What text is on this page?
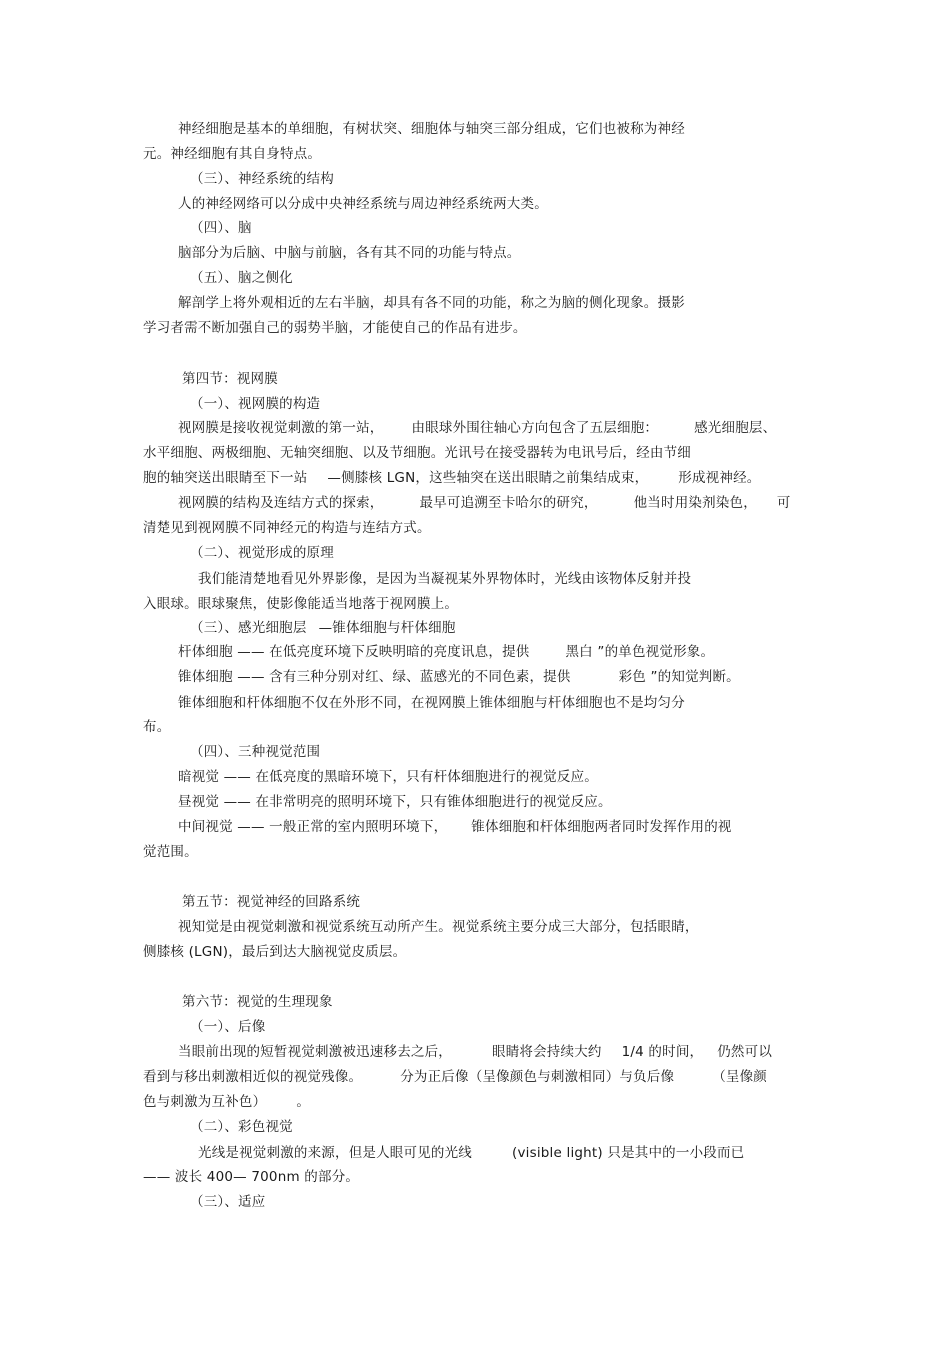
神经细胞是基本的单细胞，有树状突、细胞体与轴突三部分组成，它们也被称为神经
元。神经细胞有其自身特点。
（三）、神经系统的结构
人的神经网络可以分成中央神经系统与周边神经系统两大类。
（四）、脑
脑部分为后脑、中脑与前脑，各有其不同的功能与特点。
（五）、脑之侧化
解剖学上将外观相近的左右半脑，却具有各不同的功能，称之为脑的侧化现象。摄影
学习者需不断加强自己的弱势半脑，才能使自己的作品有进步。
第四节：视网膜
（一）、视网膜的构造
视网膜是接收视觉刺激的第一站， 由眼球外围往轴心方向包含了五层细胞：	感光细胞层、
水平细胞、两极细胞、无轴突细胞、以及节细胞。光讯号在接受器转为电讯号后，经由节细
胞的轴突送出眼睛至下一站 —侧膝核 LGN，这些轴突在送出眼睛之前集结成束， 形成视神经。
视网膜的结构及连结方式的探索，	最早可追溯至卡哈尔的研究，	他当时用染剂染色， 可
清楚见到视网膜不同神经元的构造与连结方式。
（二）、视觉形成的原理
我们能清楚地看见外界影像，是因为当凝视某外界物体时，光线由该物体反射并投
入眼球。眼球聚焦，使影像能适当地落于视网膜上。
（三）、感光细胞层 —锥体细胞与杆体细胞
杆体细胞 —— 在低亮度环境下反映明暗的亮度讯息，提供	黑白 ”的单色视觉形象。
锥体细胞 —— 含有三种分别对红、绿、蓝感光的不同色素，提供	彩色 ”的知觉判断。
锥体细胞和杆体细胞不仅在外形不同，在视网膜上锥体细胞与杆体细胞也不是均匀分
布。
（四）、三种视觉范围
暗视觉 —— 在低亮度的黑暗环境下，只有杆体细胞进行的视觉反应。
昼视觉 —— 在非常明亮的照明环境下，只有锥体细胞进行的视觉反应。
中间视觉 —— 一般正常的室内照明环境下， 锥体细胞和杆体细胞两者同时发挥作用的视
觉范围。
第五节：视觉神经的回路系统
视知觉是由视觉刺激和视觉系统互动所产生。视觉系统主要分成三大部分，包括眼睛，
侧膝核 (LGN)，最后到达大脑视觉皮质层。
第六节：视觉的生理现象
（一）、后像
当眼前出现的短暂视觉刺激被迅速移去之后，	眼睛将会持续大约 1/4 的时间， 仍然可以
看到与移出刺激相近似的视觉残像。	分为正后像（呈像颜色与刺激相同）与负后像	（呈像颜
色与刺激为互补色） 。
（二）、彩色视觉
光线是视觉刺激的来源，但是人眼可见的光线	(visible light) 只是其中的一小段而已
—— 波长 400— 700nm 的部分。
（三）、适应
